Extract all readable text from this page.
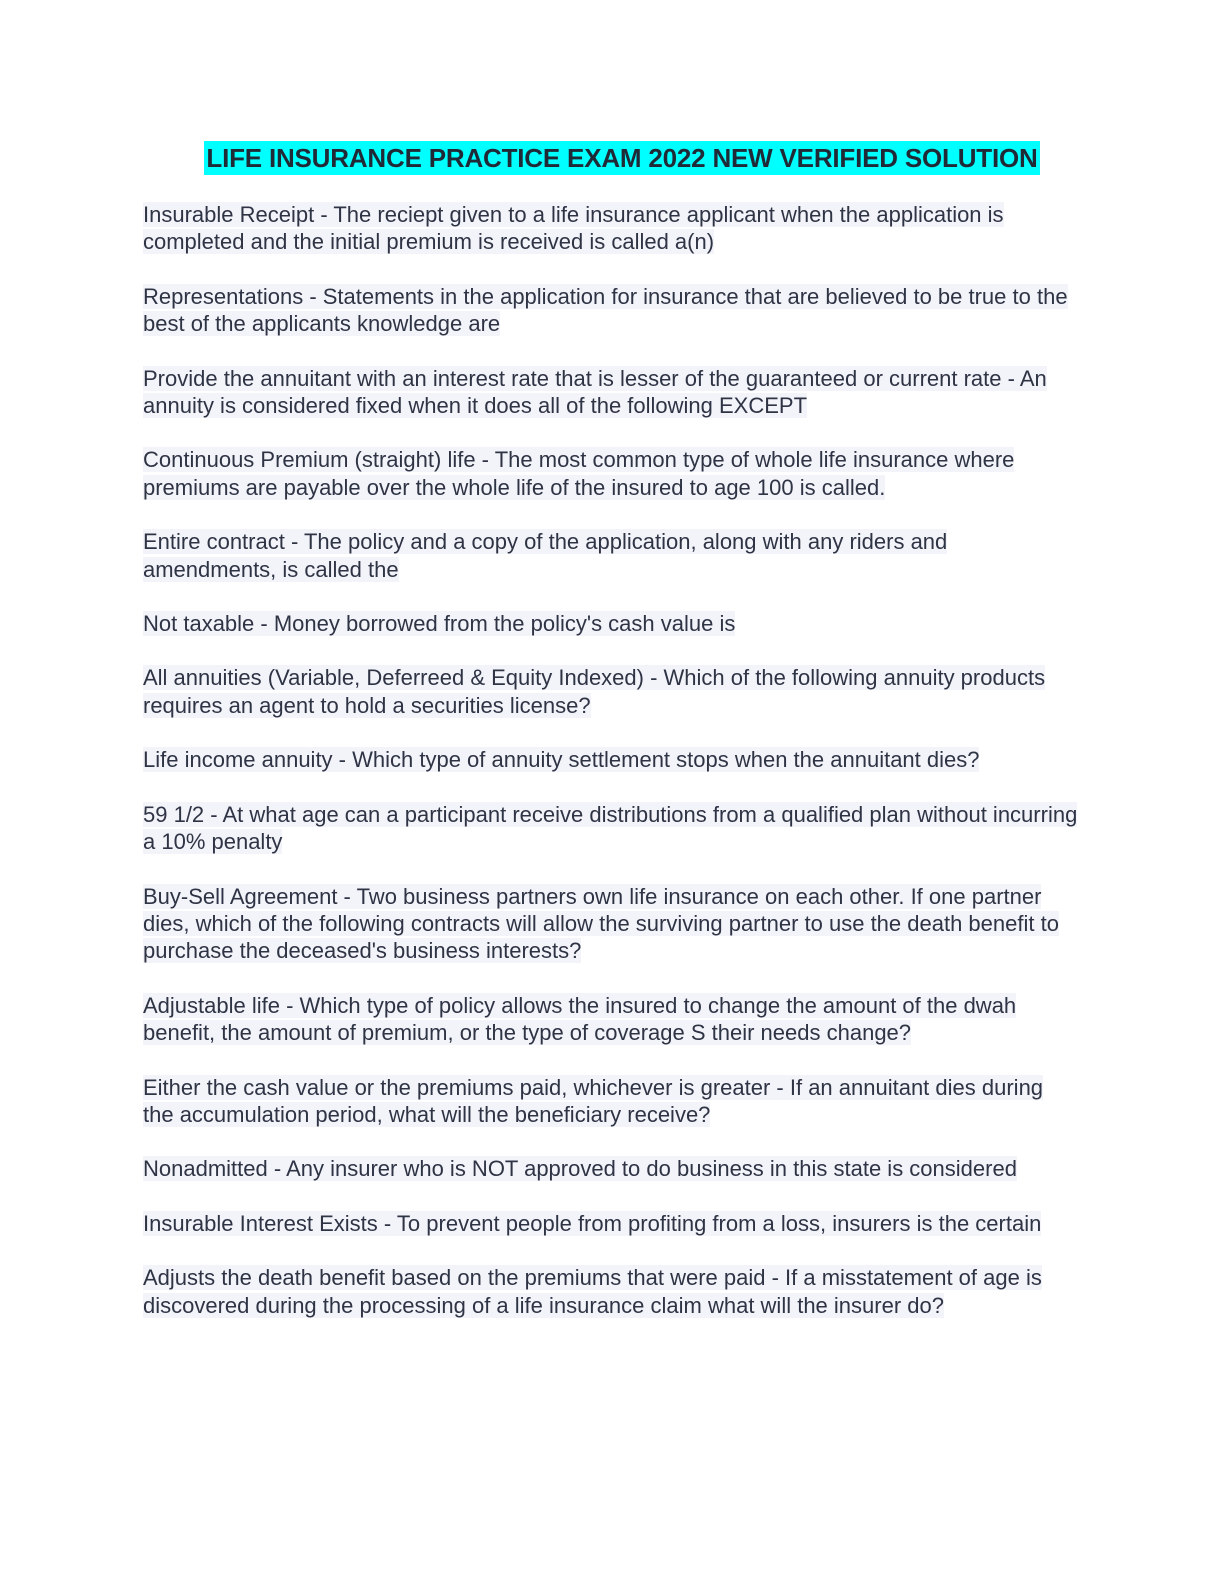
LIFE INSURANCE PRACTICE EXAM 2022 NEW VERIFIED SOLUTION
Insurable Receipt - The reciept given to a life insurance applicant when the application is completed and the initial premium is received is called a(n)
Representations - Statements in the application for insurance that are believed to be true to the best of the applicants knowledge are
Provide the annuitant with an interest rate that is lesser of the guaranteed or current rate - An annuity is considered fixed when it does all of the following EXCEPT
Continuous Premium (straight) life - The most common type of whole life insurance where premiums are payable over the whole life of the insured to age 100 is called.
Entire contract - The policy and a copy of the application, along with any riders and amendments, is called the
Not taxable - Money borrowed from the policy's cash value is
All annuities (Variable, Deferreed & Equity Indexed) - Which of the following annuity products requires an agent to hold a securities license?
Life income annuity - Which type of annuity settlement stops when the annuitant dies?
59 1/2 - At what age can a participant receive distributions from a qualified plan without incurring a 10% penalty
Buy-Sell Agreement - Two business partners own life insurance on each other. If one partner dies, which of the following contracts will allow the surviving partner to use the death benefit to purchase the deceased's business interests?
Adjustable life - Which type of policy allows the insured to change the amount of the dwah benefit, the amount of premium, or the type of coverage S their needs change?
Either the cash value or the premiums paid, whichever is greater - If an annuitant dies during the accumulation period, what will the beneficiary receive?
Nonadmitted - Any insurer who is NOT approved to do business in this state is considered
Insurable Interest Exists - To prevent people from profiting from a loss, insurers is the certain
Adjusts the death benefit based on the premiums that were paid - If a misstatement of age is discovered during the processing of a life insurance claim what will the insurer do?
